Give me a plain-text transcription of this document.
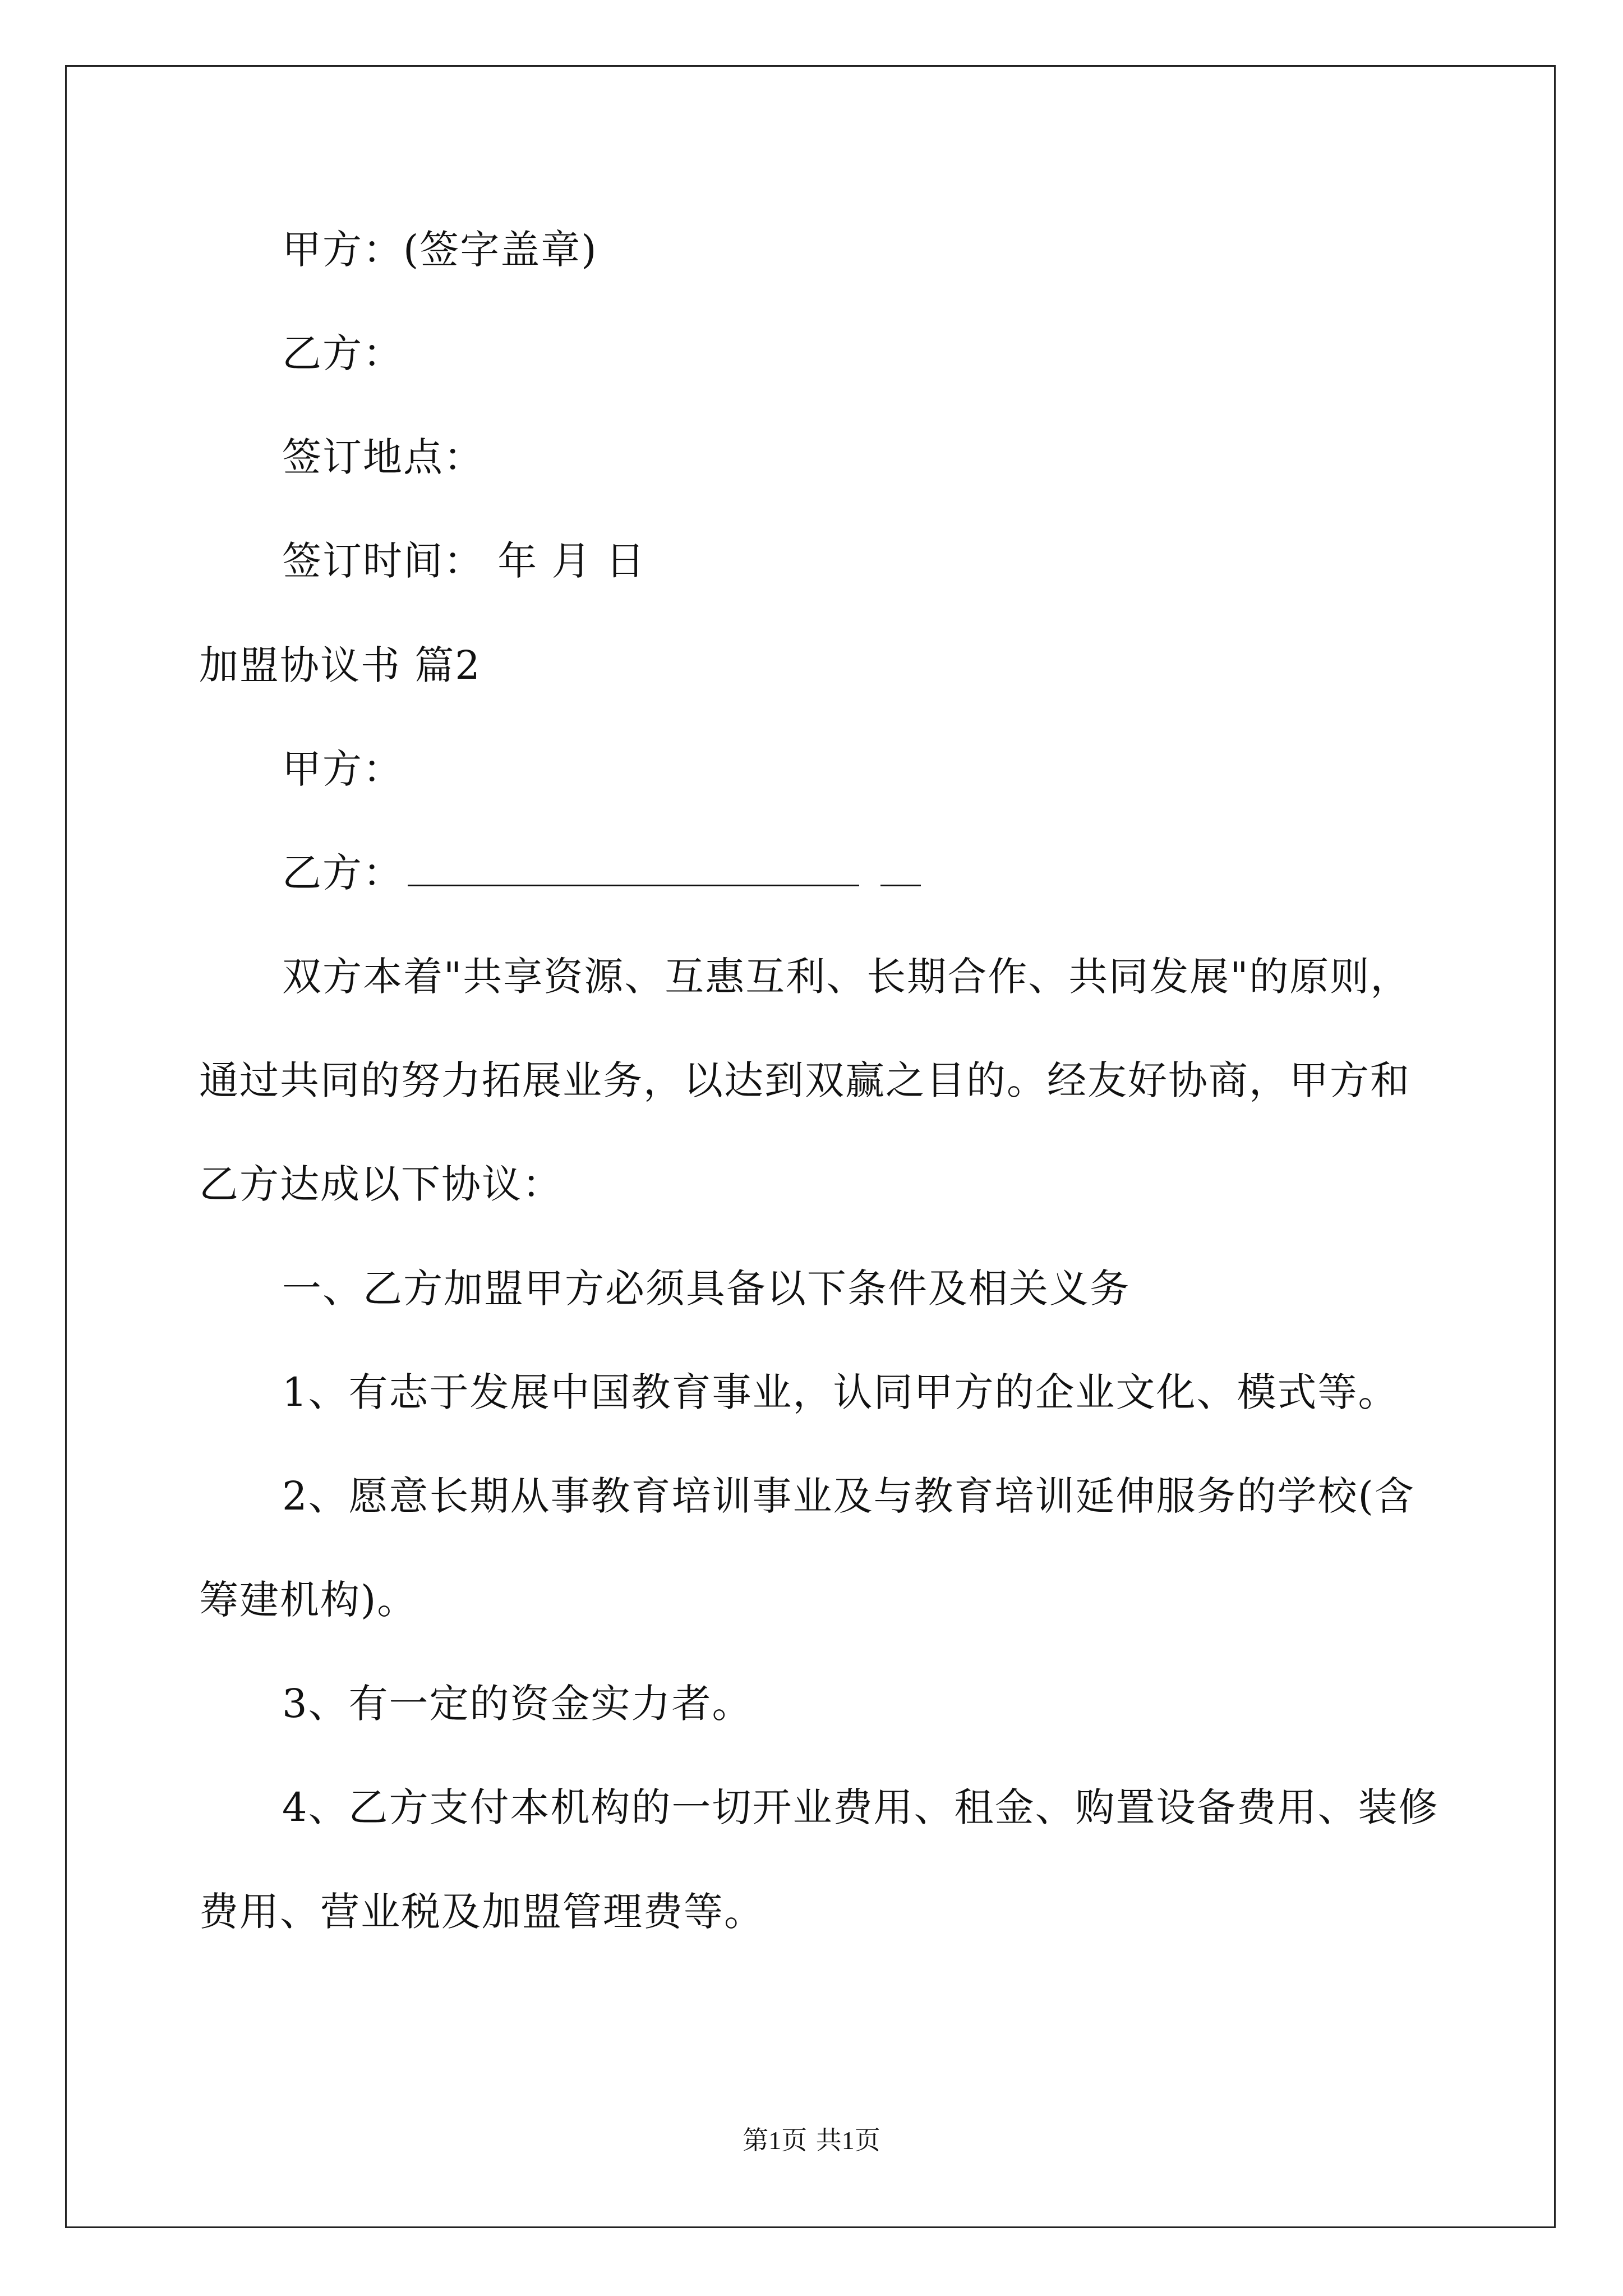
甲方：(签字盖章)
乙方：
签订地点：
签订时间： 年 月 日
加盟协议书 篇2
甲方：
乙方：
双方本着"共享资源、互惠互利、长期合作、共同发展"的原则，
通过共同的努力拓展业务，以达到双赢之目的。经友好协商，甲方和
乙方达成以下协议：
一、乙方加盟甲方必须具备以下条件及相关义务
1、有志于发展中国教育事业，认同甲方的企业文化、模式等。
2、愿意长期从事教育培训事业及与教育培训延伸服务的学校(含
筹建机构)。
3、有一定的资金实力者。
4、乙方支付本机构的一切开业费用、租金、购置设备费用、装修
费用、营业税及加盟管理费等。
第1页 共1页
